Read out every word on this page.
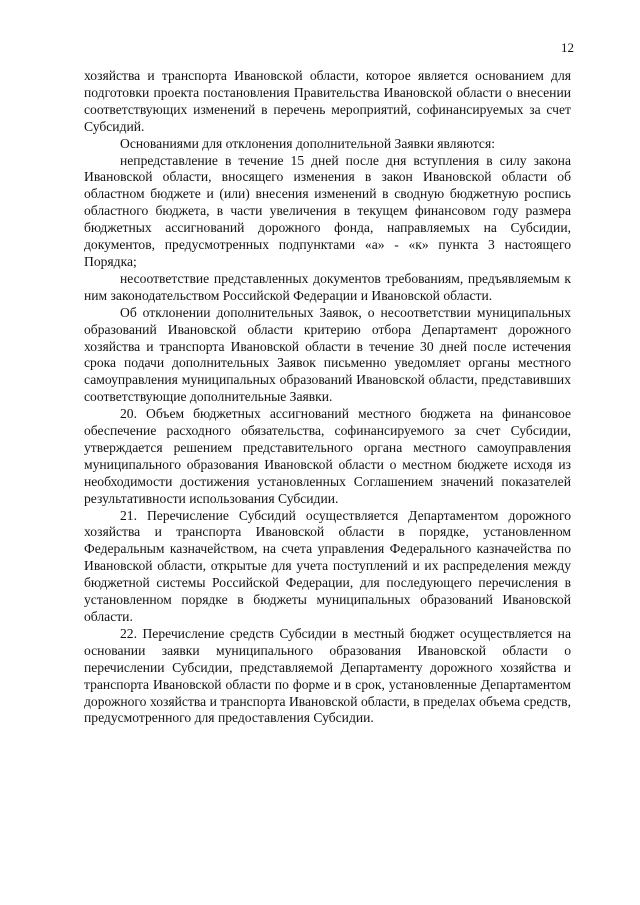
12

хозяйства и транспорта Ивановской области, которое является основанием для подготовки проекта постановления Правительства Ивановской области о внесении соответствующих изменений в перечень мероприятий, софинансируемых за счет Субсидий.

Основаниями для отклонения дополнительной Заявки являются:

непредставление в течение 15 дней после дня вступления в силу закона Ивановской области, вносящего изменения в закон Ивановской области об областном бюджете и (или) внесения изменений в сводную бюджетную роспись областного бюджета, в части увеличения в текущем финансовом году размера бюджетных ассигнований дорожного фонда, направляемых на Субсидии, документов, предусмотренных подпунктами «а» - «к» пункта 3 настоящего Порядка;

несоответствие представленных документов требованиям, предъявляемым к ним законодательством Российской Федерации и Ивановской области.

Об отклонении дополнительных Заявок, о несоответствии муниципальных образований Ивановской области критерию отбора Департамент дорожного хозяйства и транспорта Ивановской области в течение 30 дней после истечения срока подачи дополнительных Заявок письменно уведомляет органы местного самоуправления муниципальных образований Ивановской области, представивших соответствующие дополнительные Заявки.

20. Объем бюджетных ассигнований местного бюджета на финансовое обеспечение расходного обязательства, софинансируемого за счет Субсидии, утверждается решением представительного органа местного самоуправления муниципального образования Ивановской области о местном бюджете исходя из необходимости достижения установленных Соглашением значений показателей результативности использования Субсидии.

21. Перечисление Субсидий осуществляется Департаментом дорожного хозяйства и транспорта Ивановской области в порядке, установленном Федеральным казначейством, на счета управления Федерального казначейства по Ивановской области, открытые для учета поступлений и их распределения между бюджетной системы Российской Федерации, для последующего перечисления в установленном порядке в бюджеты муниципальных образований Ивановской области.

22. Перечисление средств Субсидии в местный бюджет осуществляется на основании заявки муниципального образования Ивановской области о перечислении Субсидии, представляемой Департаменту дорожного хозяйства и транспорта Ивановской области по форме и в срок, установленные Департаментом дорожного хозяйства и транспорта Ивановской области, в пределах объема средств, предусмотренного для предоставления Субсидии.
